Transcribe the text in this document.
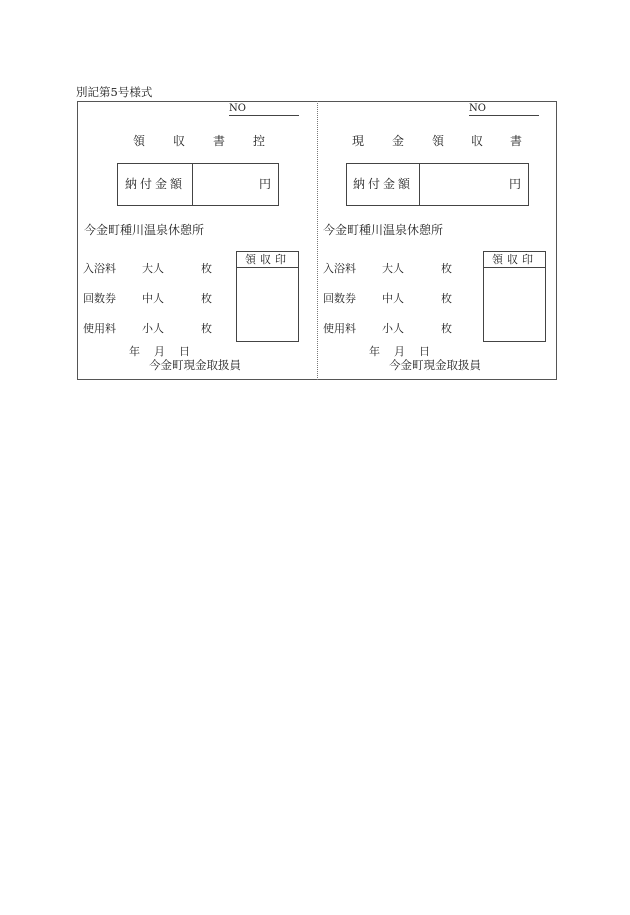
別記第5号様式
NO
領 収 書 控
納付金額	円
今金町種川温泉休憩所
入浴料 大人	枚
回数券 中人	枚
使用料 小人	枚
領収印
年 月 日
今金町現金取扱員
NO
現 金 領 収 書
納付金額	円
今金町種川温泉休憩所
入浴料 大人	枚
回数券 中人	枚
使用料 小人	枚
領収印
年 月 日
今金町現金取扱員
